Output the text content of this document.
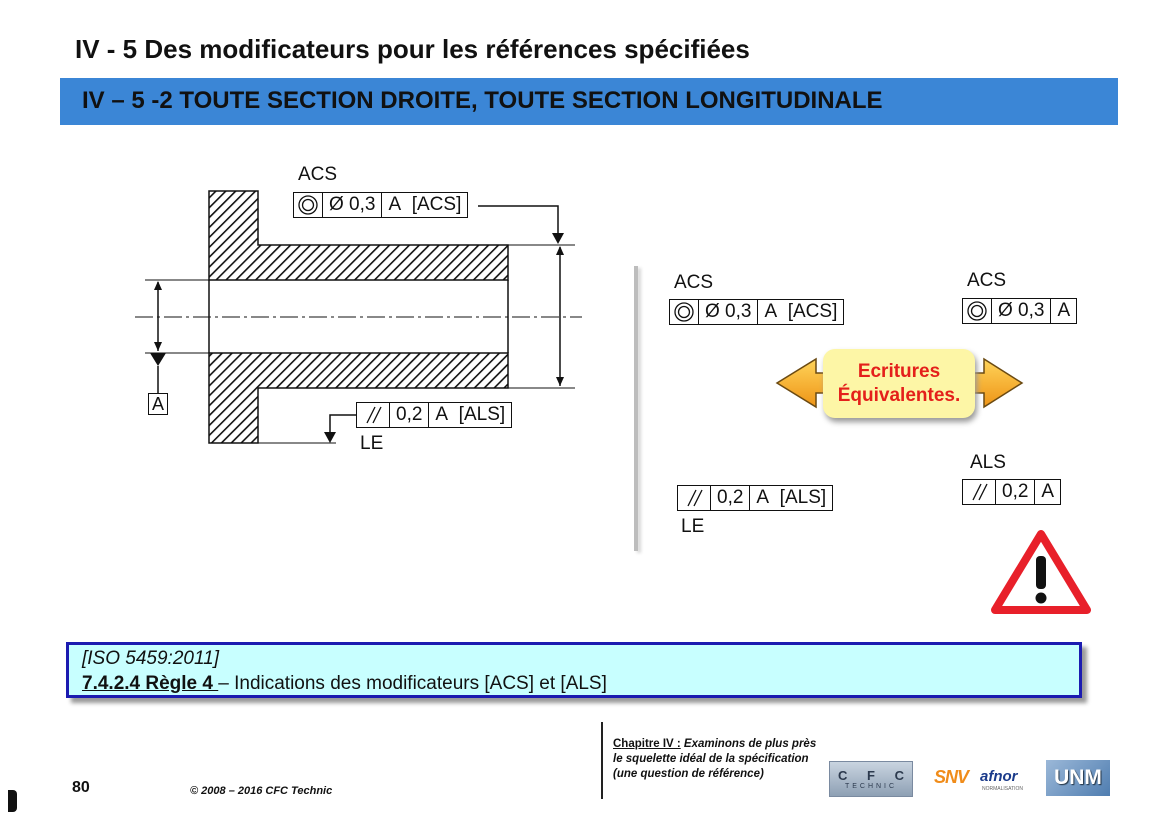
IV - 5 Des modificateurs pour les références spécifiées
IV – 5 -2 TOUTE SECTION DROITE, TOUTE SECTION LONGITUDINALE
ACS
Ø 0,3 A
[ACS]
0,2 A
[ALS]
LE
A
ACS
Ø 0,3 A
[ACS]
ACS
Ø 0,3 A
Ecritures
Équivalentes.
0,2 A
[ALS]
LE
ALS
0,2 A
[ISO 5459:2011]
7.4.2.4 Règle 4 – Indications des modificateurs [ACS] et [ALS]
80	© 2008 – 2016 CFC Technic
Chapitre IV : Examinons de plus près le squelette idéal de la spécification (une question de référence)	C F C
TECHNIC SNV afnor
NORMALISATION	UNM
